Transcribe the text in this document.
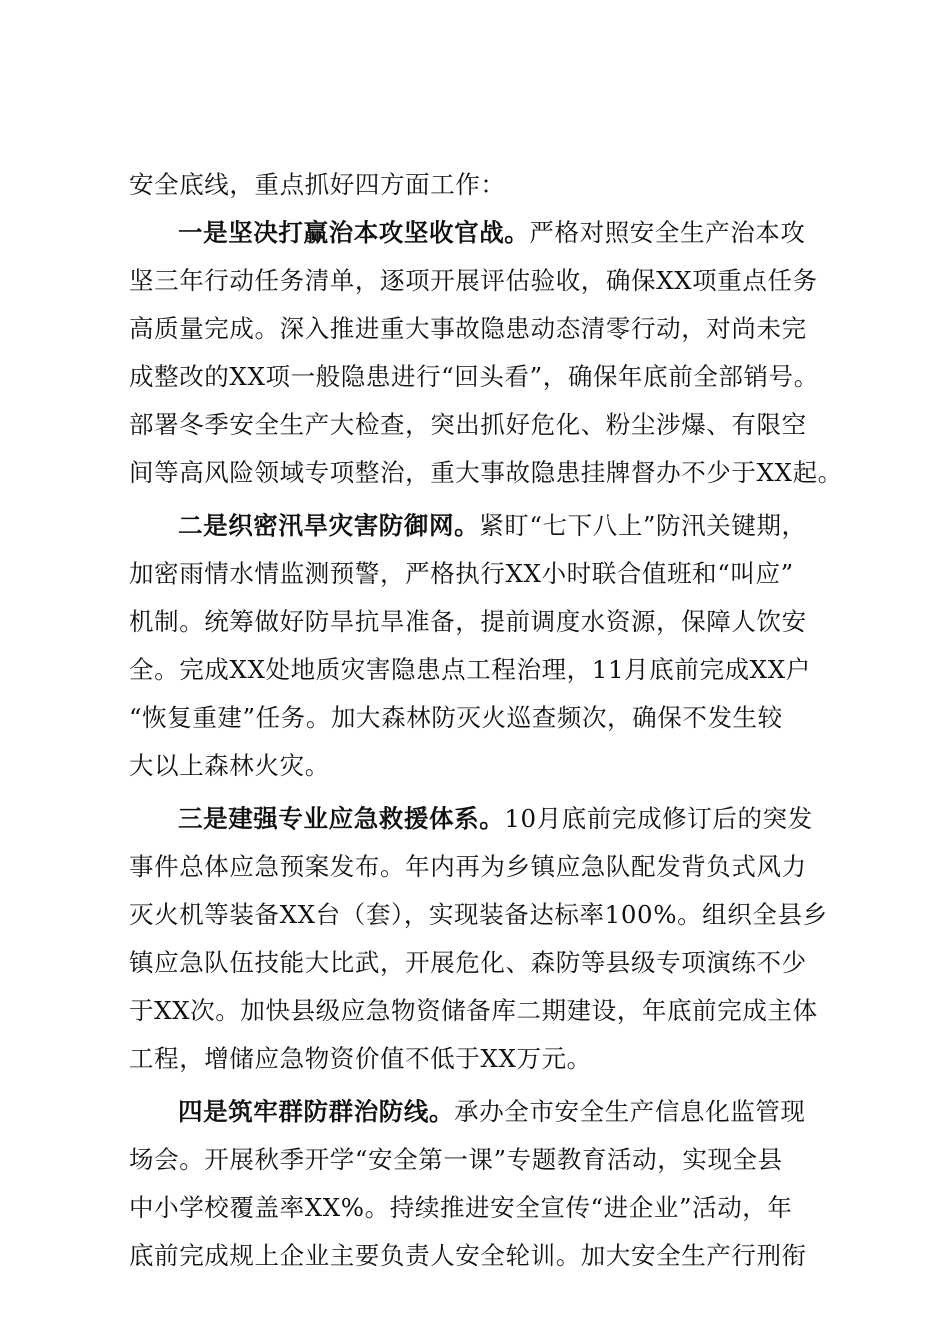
安全底线，重点抓好四方面工作：
一是坚决打赢治本攻坚收官战。严格对照安全生产治本攻
坚三年行动任务清单，逐项开展评估验收，确保XX项重点任务
高质量完成。深入推进重大事故隐患动态清零行动，对尚未完
成整改的XX项一般隐患进行“回头看”，确保年底前全部销号。
部署冬季安全生产大检查，突出抓好危化、粉尘涉爆、有限空
间等高风险领域专项整治，重大事故隐患挂牌督办不少于XX起。
二是织密汛旱灾害防御网。紧盯“七下八上”防汛关键期，
加密雨情水情监测预警，严格执行XX小时联合值班和“叫应”
机制。统筹做好防旱抗旱准备，提前调度水资源，保障人饮安
全。完成XX处地质灾害隐患点工程治理，11月底前完成XX户
“恢复重建”任务。加大森林防灭火巡查频次，确保不发生较
大以上森林火灾。
三是建强专业应急救援体系。10月底前完成修订后的突发
事件总体应急预案发布。年内再为乡镇应急队配发背负式风力
灭火机等装备XX台（套），实现装备达标率100%。组织全县乡
镇应急队伍技能大比武，开展危化、森防等县级专项演练不少
于XX次。加快县级应急物资储备库二期建设，年底前完成主体
工程，增储应急物资价值不低于XX万元。
四是筑牢群防群治防线。承办全市安全生产信息化监管现
场会。开展秋季开学“安全第一课”专题教育活动，实现全县
中小学校覆盖率XX%。持续推进安全宣传“进企业”活动，年
底前完成规上企业主要负责人安全轮训。加大安全生产行刑衔
